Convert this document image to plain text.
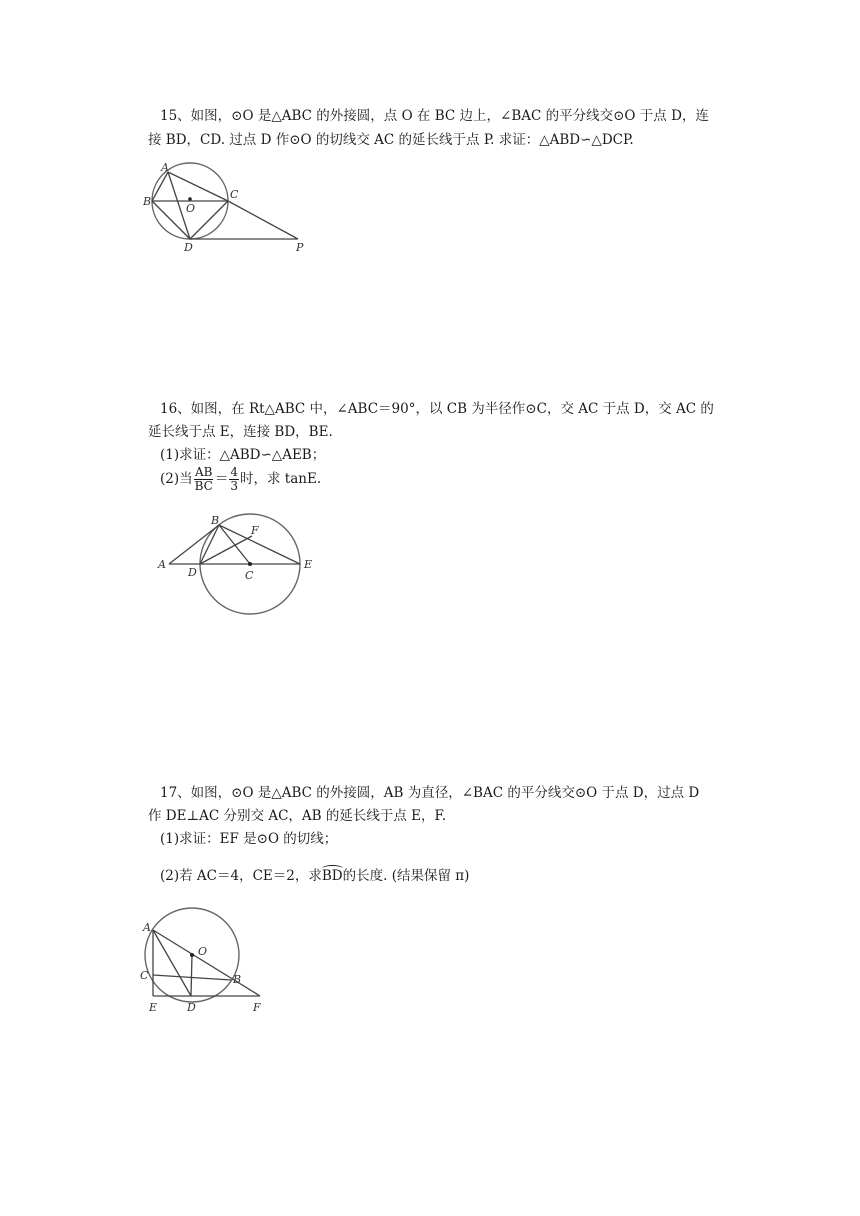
15、如图，⊙O 是△ABC 的外接圆，点 O 在 BC 边上，∠BAC 的平分线交⊙O 于点 D，连
接 BD，CD. 过点 D 作⊙O 的切线交 AC 的延长线于点 P. 求证：△ABD∽△DCP.
A
B
O
C
D	P
16、如图，在 Rt△ABC 中，∠ABC＝90°，以 CB 为半径作⊙C，交 AC 于点 D，交 AC 的
延长线于点 E，连接 BD，BE.
(1)求证：△ABD∽△AEB；
(2)当 $\frac{AB}{BC} = \frac{4}{3}$ 时，求 tanE.
B
F
A
D	C
E
17、如图，⊙O 是△ABC 的外接圆，AB 为直径，∠BAC 的平分线交⊙O 于点 D，过点 D
作 DE⊥AC 分别交 AC，AB 的延长线于点 E，F.
(1)求证：EF 是⊙O 的切线；
(2)若 AC＝4，CE＝2，求BD的长度. (结果保留 π)
A
O
C	B
E	D	F
